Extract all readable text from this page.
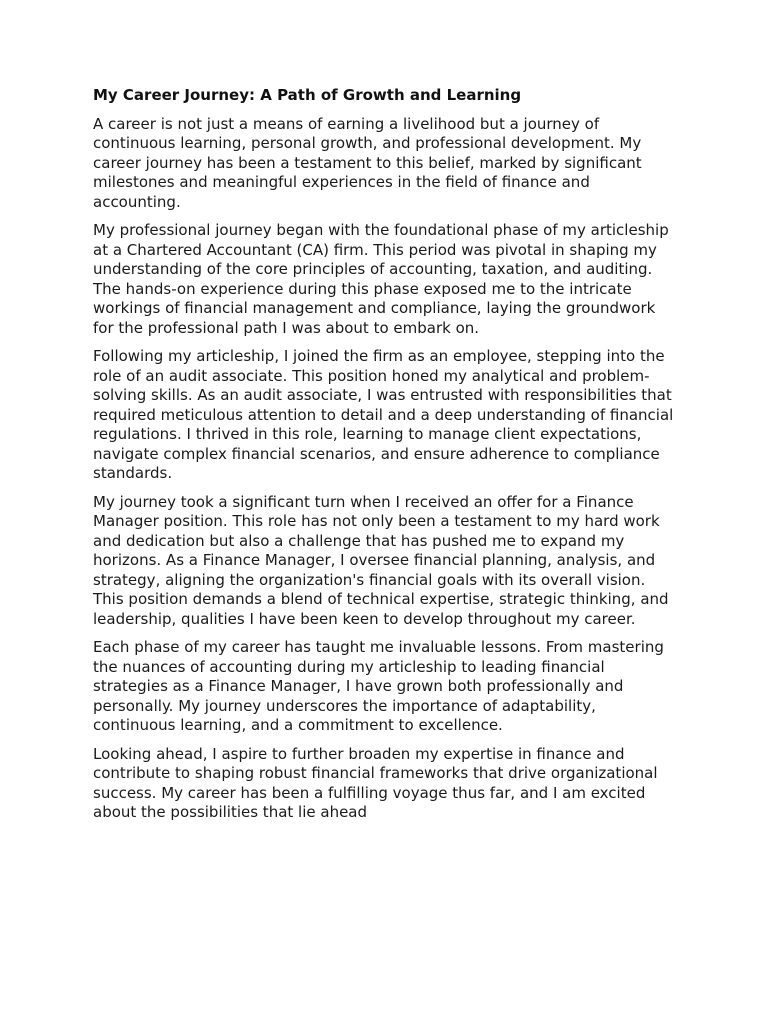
My Career Journey: A Path of Growth and Learning

A career is not just a means of earning a livelihood but a journey of continuous learning, personal growth, and professional development. My career journey has been a testament to this belief, marked by significant milestones and meaningful experiences in the field of finance and accounting.

My professional journey began with the foundational phase of my articleship at a Chartered Accountant (CA) firm. This period was pivotal in shaping my understanding of the core principles of accounting, taxation, and auditing. The hands-on experience during this phase exposed me to the intricate workings of financial management and compliance, laying the groundwork for the professional path I was about to embark on.

Following my articleship, I joined the firm as an employee, stepping into the role of an audit associate. This position honed my analytical and problem-solving skills. As an audit associate, I was entrusted with responsibilities that required meticulous attention to detail and a deep understanding of financial regulations. I thrived in this role, learning to manage client expectations, navigate complex financial scenarios, and ensure adherence to compliance standards.

My journey took a significant turn when I received an offer for a Finance Manager position. This role has not only been a testament to my hard work and dedication but also a challenge that has pushed me to expand my horizons. As a Finance Manager, I oversee financial planning, analysis, and strategy, aligning the organization's financial goals with its overall vision. This position demands a blend of technical expertise, strategic thinking, and leadership, qualities I have been keen to develop throughout my career.

Each phase of my career has taught me invaluable lessons. From mastering the nuances of accounting during my articleship to leading financial strategies as a Finance Manager, I have grown both professionally and personally. My journey underscores the importance of adaptability, continuous learning, and a commitment to excellence.

Looking ahead, I aspire to further broaden my expertise in finance and contribute to shaping robust financial frameworks that drive organizational success. My career has been a fulfilling voyage thus far, and I am excited about the possibilities that lie ahead
